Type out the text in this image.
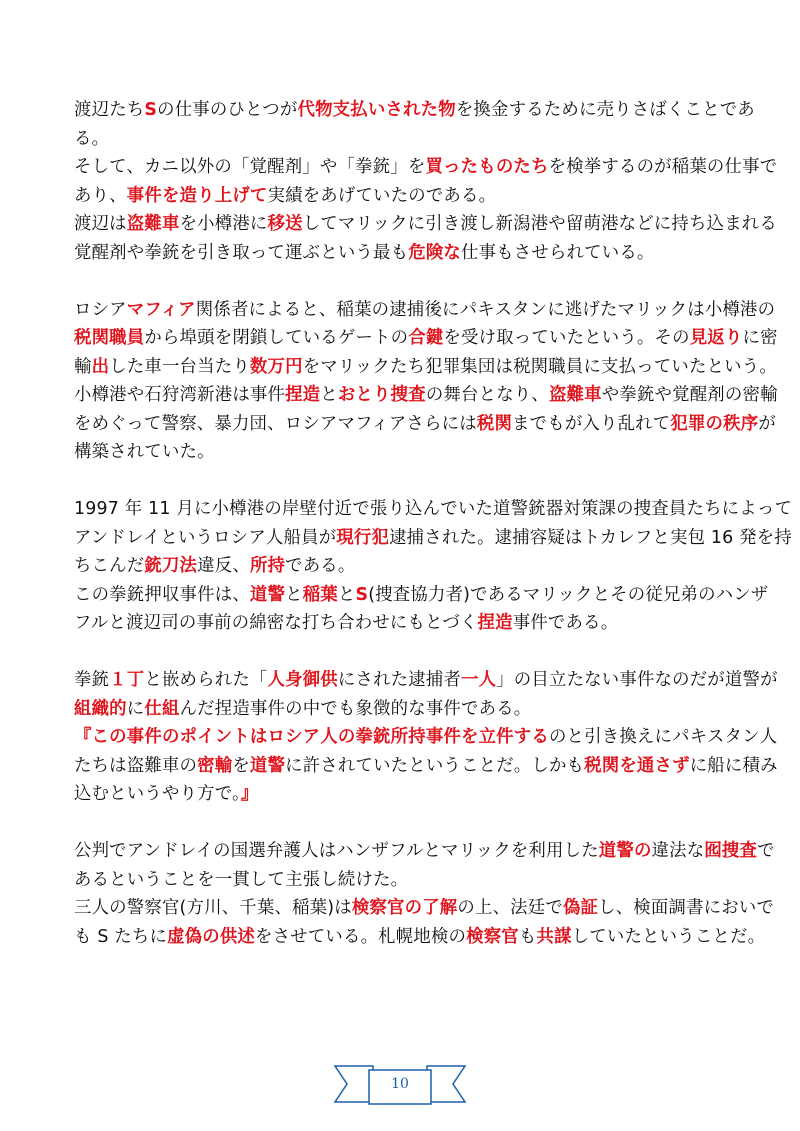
渡辺たちSの仕事のひとつが代物支払いされた物を換金するために売りさばくことであ
る。
そして、カニ以外の「覚醒剤」や「拳銃」を買ったものたちを検挙するのが稲葉の仕事で
あり、事件を造り上げて実績をあげていたのである。
渡辺は盗難車を小樽港に移送してマリックに引き渡し新潟港や留萌港などに持ち込まれる
覚醒剤や拳銃を引き取って運ぶという最も危険な仕事もさせられている。
ロシアマフィア関係者によると、稲葉の逮捕後にパキスタンに逃げたマリックは小樽港の
税関職員から埠頭を閉鎖しているゲートの合鍵を受け取っていたという。その見返りに密
輸出した車一台当たり数万円をマリックたち犯罪集団は税関職員に支払っていたという。
小樽港や石狩湾新港は事件捏造とおとり捜査の舞台となり、盗難車や拳銃や覚醒剤の密輸
をめぐって警察、暴力団、ロシアマフィアさらには税関までもが入り乱れて犯罪の秩序が
構築されていた。
1997 年 11 月に小樽港の岸壁付近で張り込んでいた道警銃器対策課の捜査員たちによって
アンドレイというロシア人船員が現行犯逮捕された。逮捕容疑はトカレフと実包 16 発を持
ちこんだ銃刀法違反、所持である。
この拳銃押収事件は、道警と稲葉とS(捜査協力者)であるマリックとその従兄弟のハンザ
フルと渡辺司の事前の綿密な打ち合わせにもとづく捏造事件である。
拳銃１丁と嵌められた「人身御供にされた逮捕者一人」の目立たない事件なのだが道警が
組織的に仕組んだ捏造事件の中でも象徴的な事件である。
『この事件のポイントはロシア人の拳銃所持事件を立件するのと引き換えにパキスタン人
たちは盗難車の密輸を道警に許されていたということだ。しかも税関を通さずに船に積み
込むというやり方で。』
公判でアンドレイの国選弁護人はハンザフルとマリックを利用した道警の違法な囮捜査で
あるということを一貫して主張し続けた。
三人の警察官(方川、千葉、稲葉)は検察官の了解の上、法廷で偽証し、検面調書においで
も S たちに虚偽の供述をさせている。札幌地検の検察官も共謀していたということだ。
10
